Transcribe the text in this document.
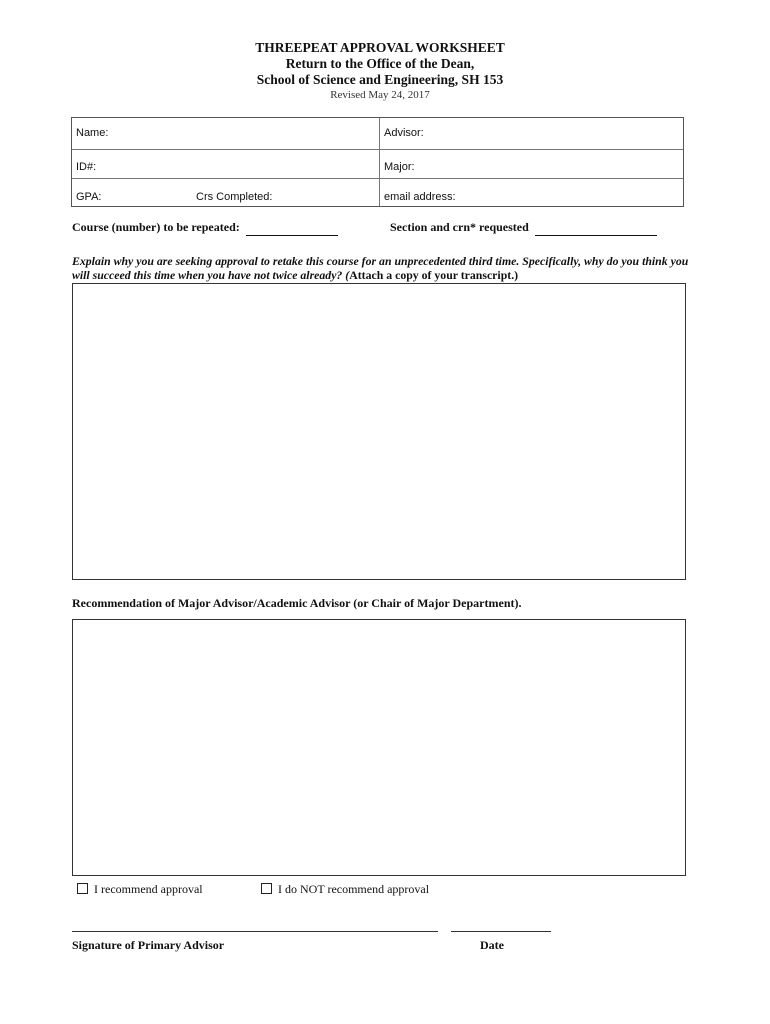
THREEPEAT APPROVAL WORKSHEET
Return to the Office of the Dean,
School of Science and Engineering, SH 153
Revised May 24, 2017
Name:	Advisor:
ID#:	Major:
GPA:	Crs Completed:	email address:
Course (number) to be repeated:	Section and crn* requested
Explain why you are seeking approval to retake this course for an unprecedented third time. Specifically, why do you think you will succeed this time when you have not twice already? (Attach a copy of your transcript.)
Recommendation of Major Advisor/Academic Advisor (or Chair of Major Department).
I recommend approval	I do NOT recommend approval
Signature of Primary Advisor	Date
